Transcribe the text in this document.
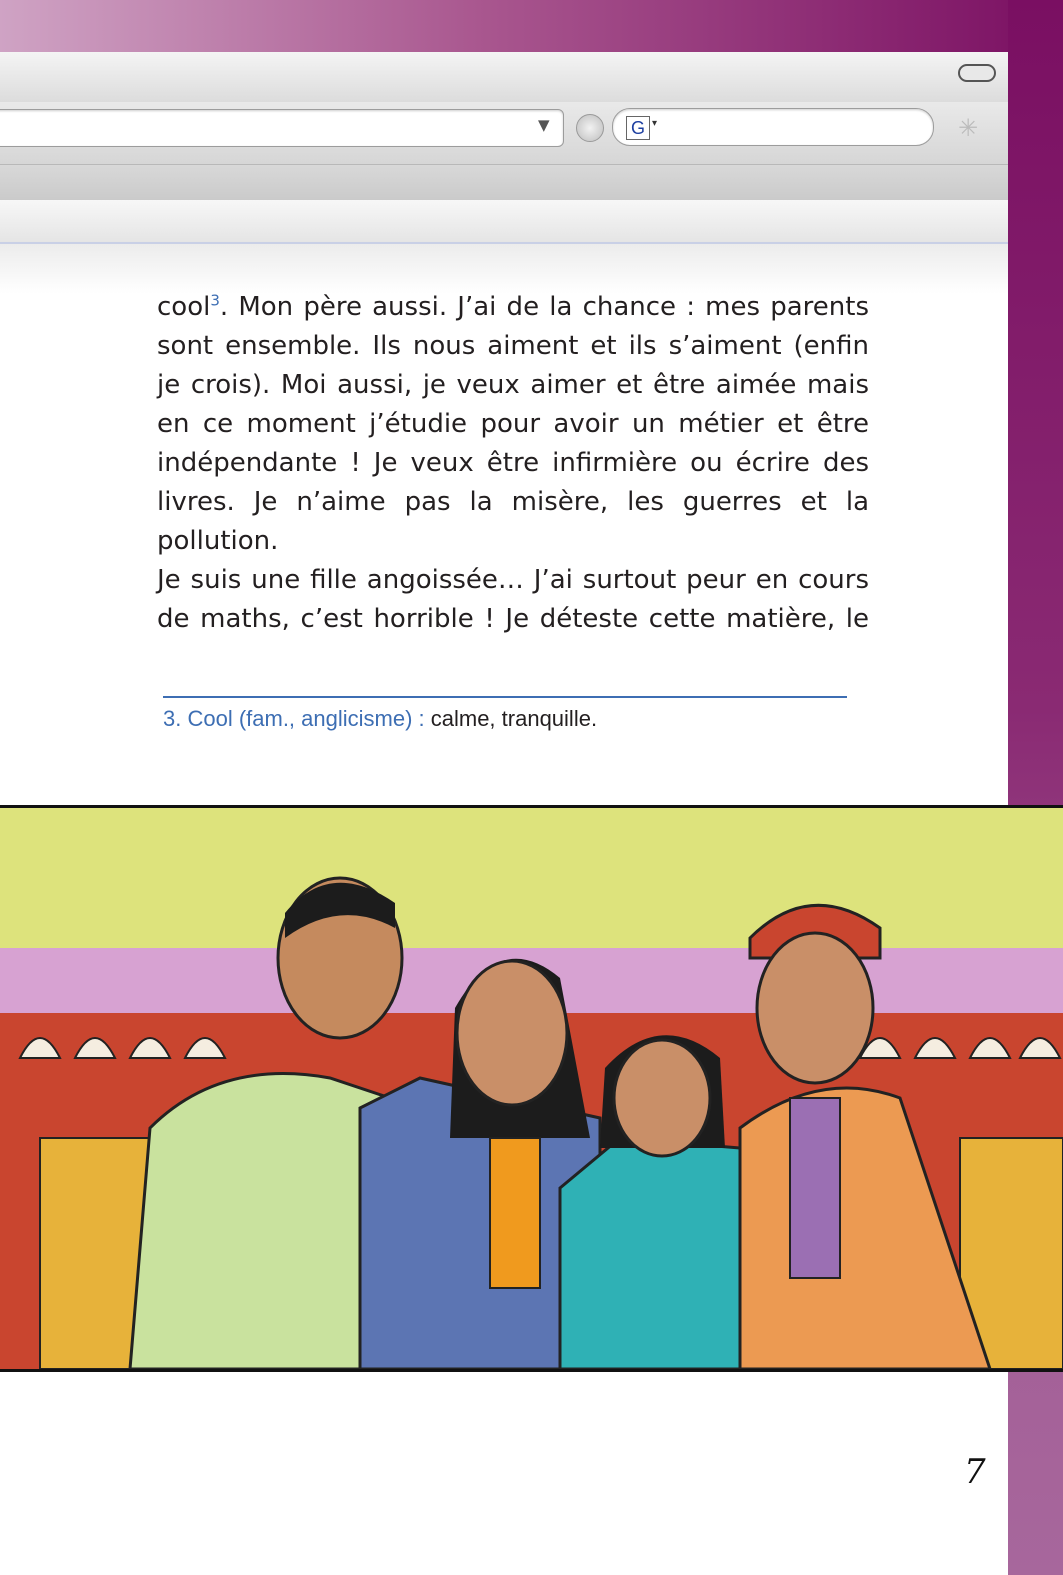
▼	G ▾	✳

cool$^3$. Mon père aussi. J’ai de la chance : mes parents sont ensemble. Ils nous aiment et ils s’aiment (enfin je crois). Moi aussi, je veux aimer et être aimée mais en ce moment j’étudie pour avoir un métier et être indépendante ! Je veux être infirmière ou écrire des livres. Je n’aime pas la misère, les guerres et la pollution.

Je suis une fille angoissée… J’ai surtout peur en cours de maths, c’est horrible ! Je déteste cette matière, le

3. Cool (fam., anglicisme) : calme, tranquille.

7
